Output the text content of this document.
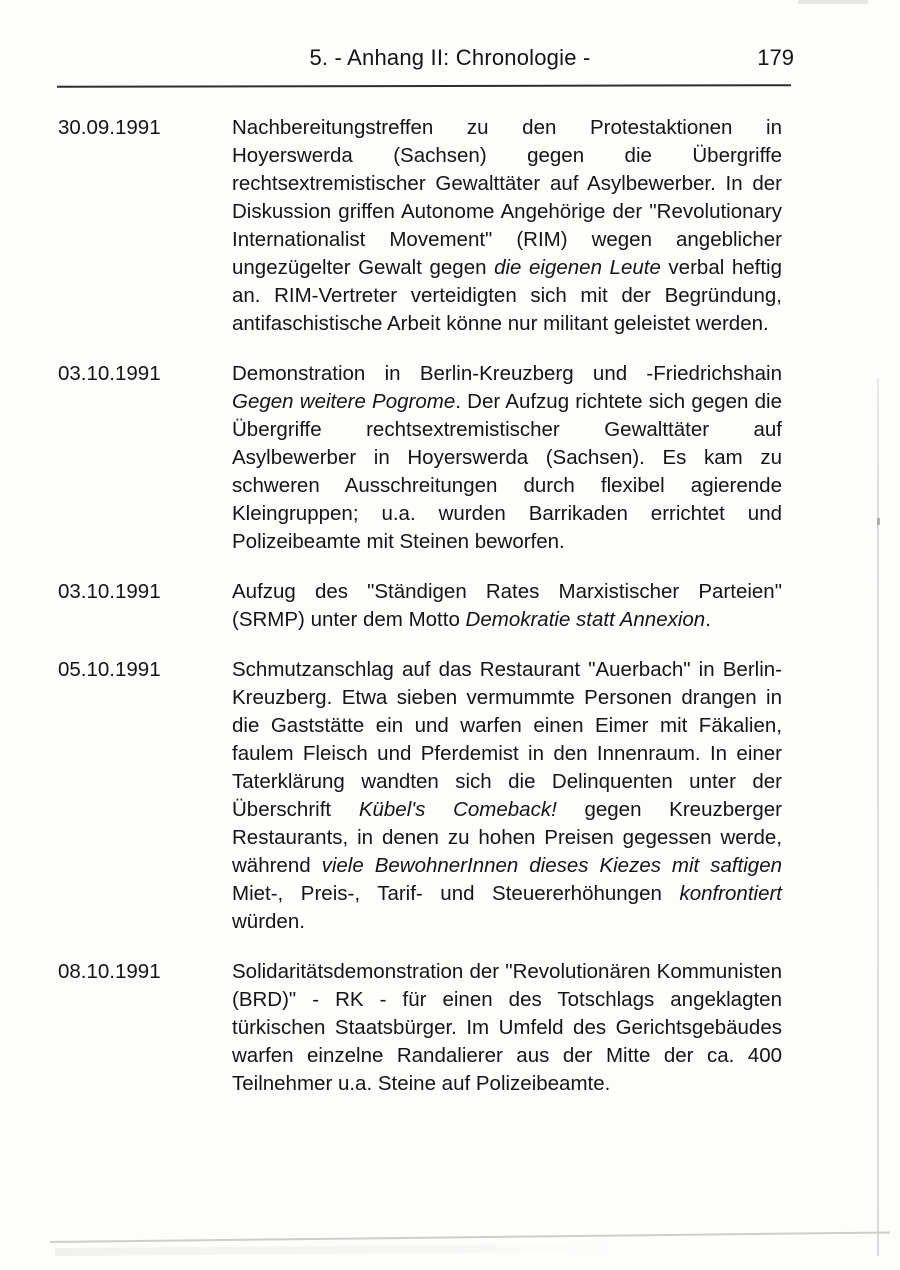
5. - Anhang II: Chronologie -	179
30.09.1991	Nachbereitungstreffen zu den Protestaktionen in Hoyerswerda (Sachsen) gegen die Übergriffe rechtsextremistischer Gewalttäter auf Asylbewerber. In der Diskussion griffen Autonome Angehörige der "Revolutionary Internationalist Movement" (RIM) wegen angeblicher ungezügelter Gewalt gegen die eigenen Leute verbal heftig an. RIM-Vertreter verteidigten sich mit der Begründung, antifaschistische Arbeit könne nur militant geleistet werden.
03.10.1991	Demonstration in Berlin-Kreuzberg und -Friedrichshain Gegen weitere Pogrome. Der Aufzug richtete sich gegen die Übergriffe rechtsextremistischer Gewalttäter auf Asylbewerber in Hoyerswerda (Sachsen). Es kam zu schweren Ausschreitungen durch flexibel agierende Kleingruppen; u.a. wurden Barrikaden errichtet und Polizeibeamte mit Steinen beworfen.
03.10.1991	Aufzug des "Ständigen Rates Marxistischer Parteien" (SRMP) unter dem Motto Demokratie statt Annexion.
05.10.1991	Schmutzanschlag auf das Restaurant "Auerbach" in Berlin-Kreuzberg. Etwa sieben vermummte Personen drangen in die Gaststätte ein und warfen einen Eimer mit Fäkalien, faulem Fleisch und Pferdemist in den Innenraum. In einer Taterklärung wandten sich die Delinquenten unter der Überschrift Kübel's Comeback! gegen Kreuzberger Restaurants, in denen zu hohen Preisen gegessen werde, während viele BewohnerInnen dieses Kiezes mit saftigen Miet-, Preis-, Tarif- und Steuererhöhungen konfrontiert würden.
08.10.1991	Solidaritätsdemonstration der "Revolutionären Kommunisten (BRD)" - RK - für einen des Totschlags angeklagten türkischen Staatsbürger. Im Umfeld des Gerichtsgebäudes warfen einzelne Randalierer aus der Mitte der ca. 400 Teilnehmer u.a. Steine auf Polizeibeamte.
